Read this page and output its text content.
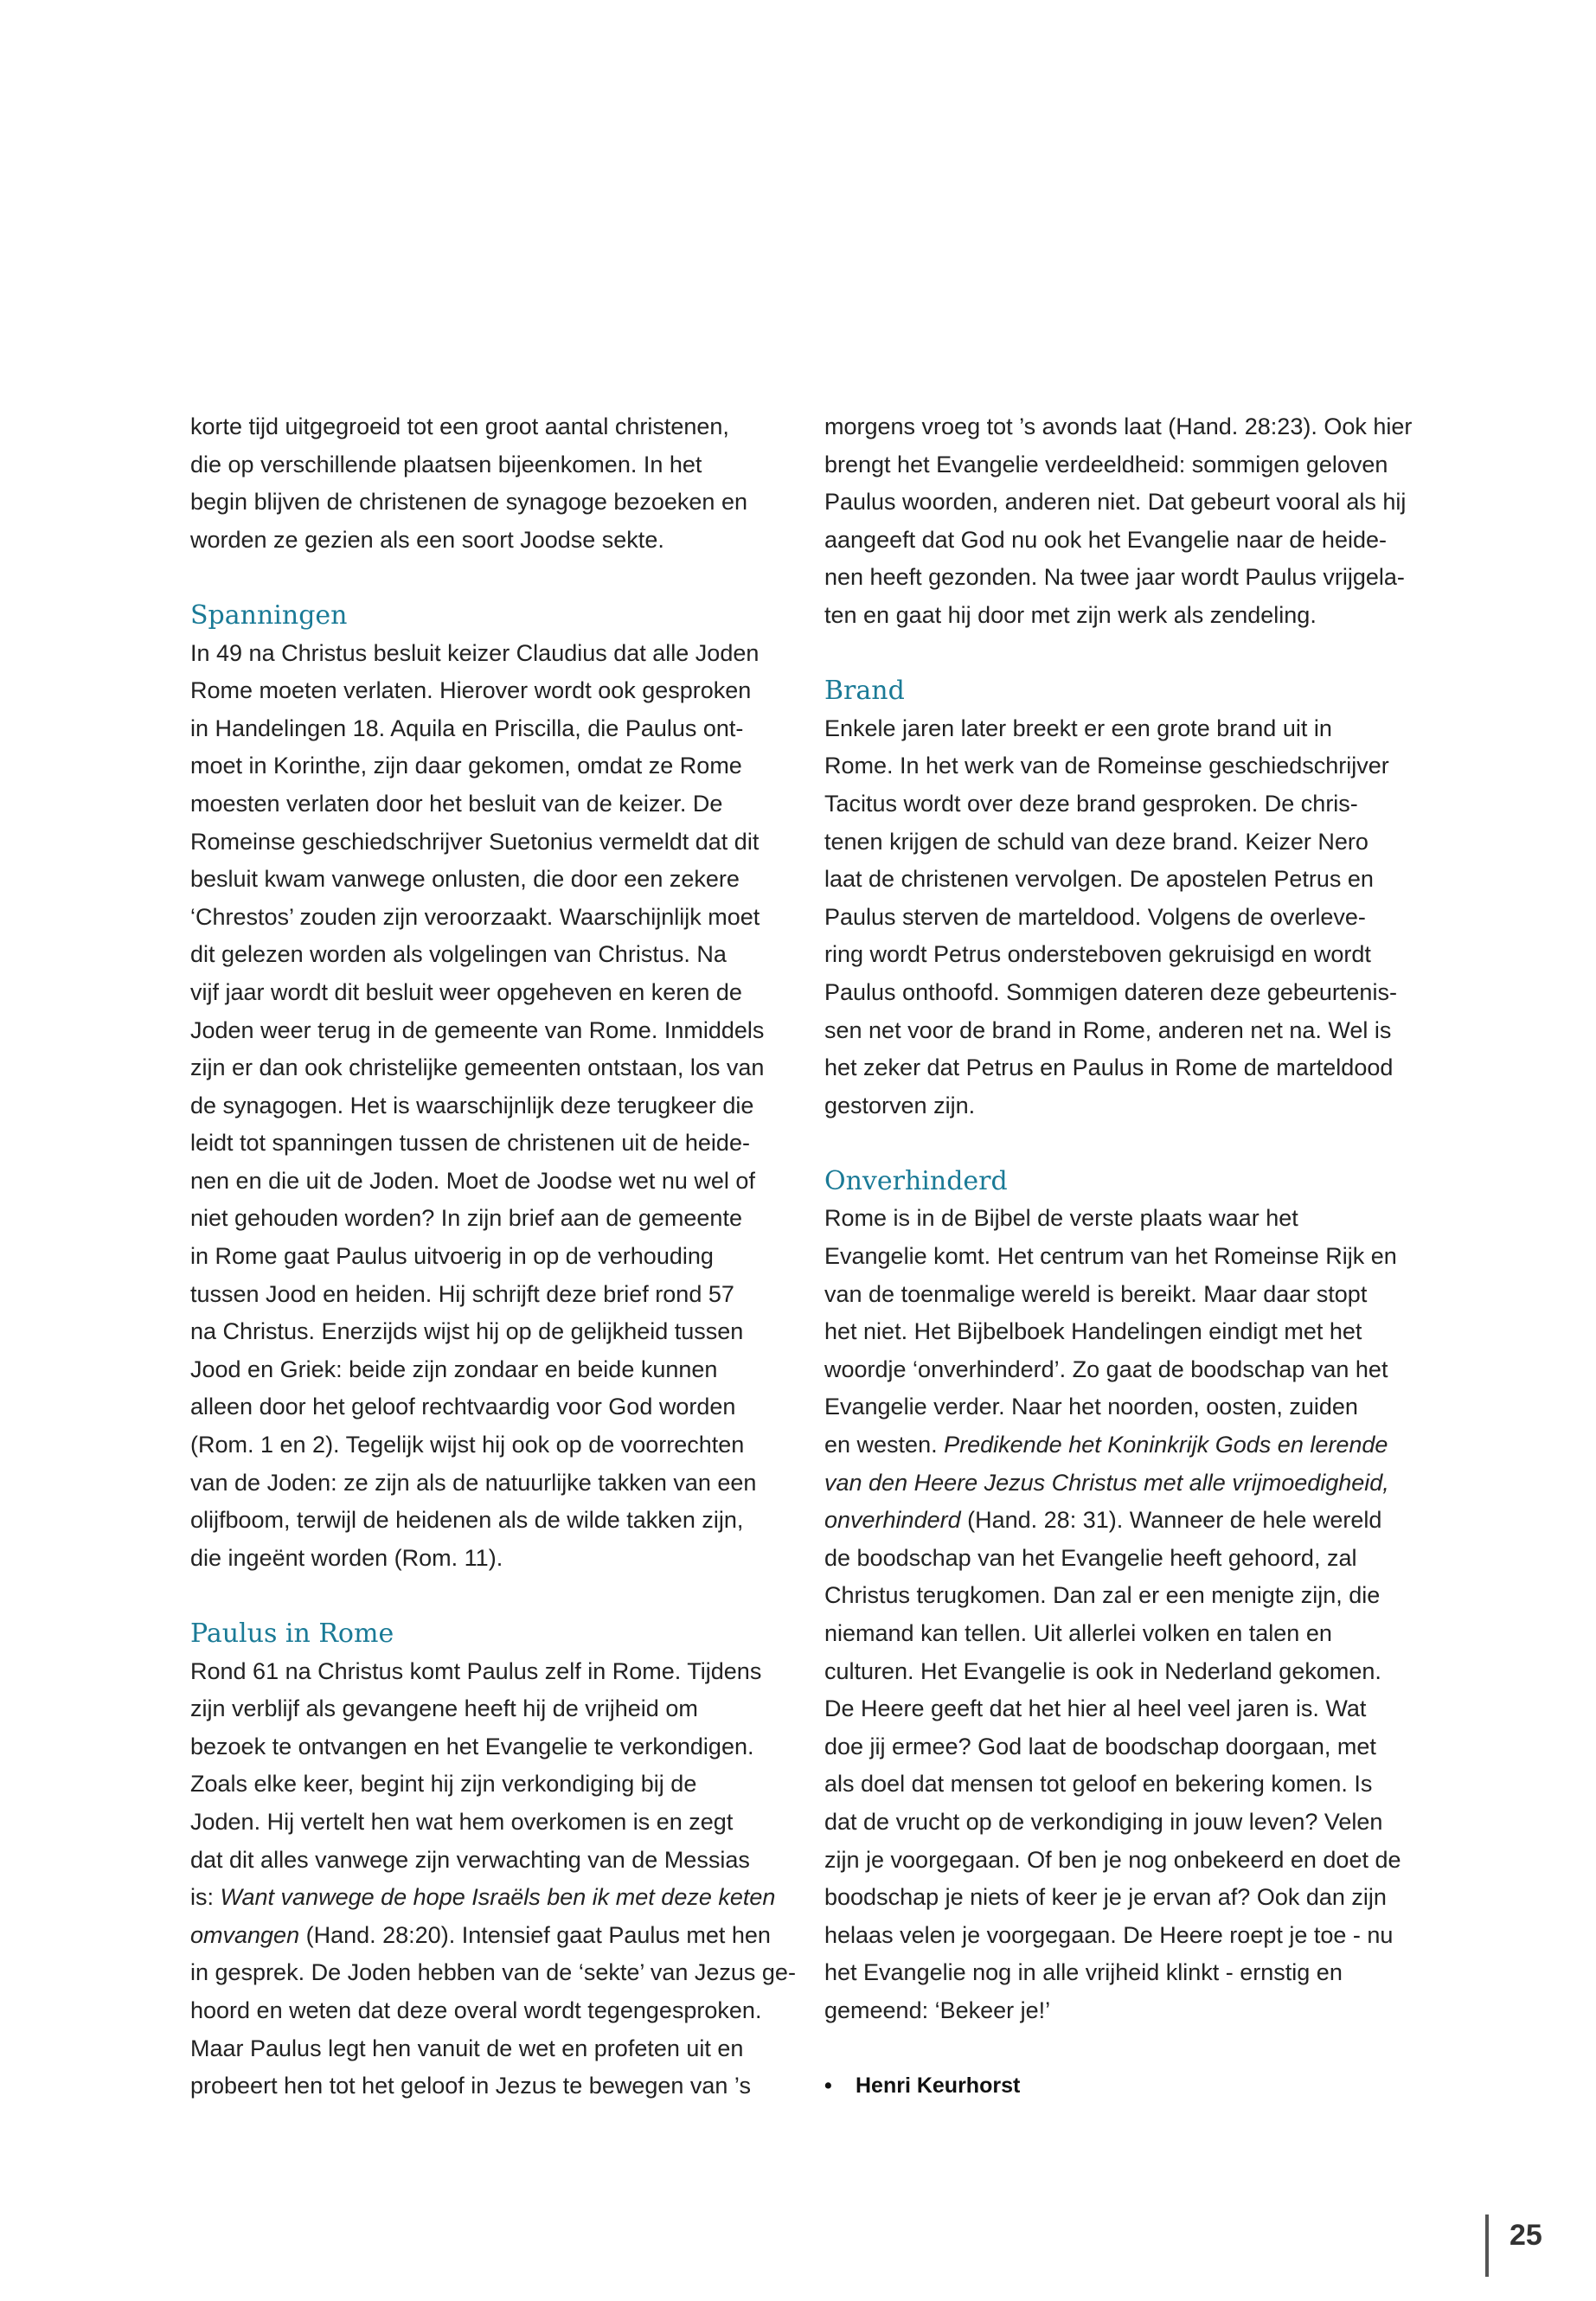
korte tijd uitgegroeid tot een groot aantal christenen,
die op verschillende plaatsen bijeenkomen. In het
begin blijven de christenen de synagoge bezoeken en
worden ze gezien als een soort Joodse sekte.

Spanningen

In 49 na Christus besluit keizer Claudius dat alle Joden
Rome moeten verlaten. Hierover wordt ook gesproken
in Handelingen 18. Aquila en Priscilla, die Paulus ont-
moet in Korinthe, zijn daar gekomen, omdat ze Rome
moesten verlaten door het besluit van de keizer. De
Romeinse geschiedschrijver Suetonius vermeldt dat dit
besluit kwam vanwege onlusten, die door een zekere
‘Chrestos’ zouden zijn veroorzaakt. Waarschijnlijk moet
dit gelezen worden als volgelingen van Christus. Na
vijf jaar wordt dit besluit weer opgeheven en keren de
Joden weer terug in de gemeente van Rome. Inmiddels
zijn er dan ook christelijke gemeenten ontstaan, los van
de synagogen. Het is waarschijnlijk deze terugkeer die
leidt tot spanningen tussen de christenen uit de heide-
nen en die uit de Joden. Moet de Joodse wet nu wel of
niet gehouden worden? In zijn brief aan de gemeente
in Rome gaat Paulus uitvoerig in op de verhouding
tussen Jood en heiden. Hij schrijft deze brief rond 57
na Christus. Enerzijds wijst hij op de gelijkheid tussen
Jood en Griek: beide zijn zondaar en beide kunnen
alleen door het geloof rechtvaardig voor God worden
(Rom. 1 en 2). Tegelijk wijst hij ook op de voorrechten
van de Joden: ze zijn als de natuurlijke takken van een
olijfboom, terwijl de heidenen als de wilde takken zijn,
die ingeënt worden (Rom. 11).

Paulus in Rome

Rond 61 na Christus komt Paulus zelf in Rome. Tijdens
zijn verblijf als gevangene heeft hij de vrijheid om
bezoek te ontvangen en het Evangelie te verkondigen.
Zoals elke keer, begint hij zijn verkondiging bij de
Joden. Hij vertelt hen wat hem overkomen is en zegt
dat dit alles vanwege zijn verwachting van de Messias
is: Want vanwege de hope Israëls ben ik met deze keten
omvangen (Hand. 28:20). Intensief gaat Paulus met hen
in gesprek. De Joden hebben van de ‘sekte’ van Jezus ge-
hoord en weten dat deze overal wordt tegengesproken.
Maar Paulus legt hen vanuit de wet en profeten uit en
probeert hen tot het geloof in Jezus te bewegen van ’s

morgens vroeg tot ’s avonds laat (Hand. 28:23). Ook hier
brengt het Evangelie verdeeldheid: sommigen geloven
Paulus woorden, anderen niet. Dat gebeurt vooral als hij
aangeeft dat God nu ook het Evangelie naar de heide-
nen heeft gezonden. Na twee jaar wordt Paulus vrijgela-
ten en gaat hij door met zijn werk als zendeling.

Brand

Enkele jaren later breekt er een grote brand uit in
Rome. In het werk van de Romeinse geschiedschrijver
Tacitus wordt over deze brand gesproken. De chris-
tenen krijgen de schuld van deze brand. Keizer Nero
laat de christenen vervolgen. De apostelen Petrus en
Paulus sterven de marteldood. Volgens de overleve-
ring wordt Petrus ondersteboven gekruisigd en wordt
Paulus onthoofd. Sommigen dateren deze gebeurtenis-
sen net voor de brand in Rome, anderen net na. Wel is
het zeker dat Petrus en Paulus in Rome de marteldood
gestorven zijn.

Onverhinderd

Rome is in de Bijbel de verste plaats waar het
Evangelie komt. Het centrum van het Romeinse Rijk en
van de toenmalige wereld is bereikt. Maar daar stopt
het niet. Het Bijbelboek Handelingen eindigt met het
woordje ‘onverhinderd’. Zo gaat de boodschap van het
Evangelie verder. Naar het noorden, oosten, zuiden
en westen. Predikende het Koninkrijk Gods en lerende
van den Heere Jezus Christus met alle vrijmoedigheid,
onverhinderd (Hand. 28: 31). Wanneer de hele wereld
de boodschap van het Evangelie heeft gehoord, zal
Christus terugkomen. Dan zal er een menigte zijn, die
niemand kan tellen. Uit allerlei volken en talen en
culturen. Het Evangelie is ook in Nederland gekomen.
De Heere geeft dat het hier al heel veel jaren is. Wat
doe jij ermee? God laat de boodschap doorgaan, met
als doel dat mensen tot geloof en bekering komen. Is
dat de vrucht op de verkondiging in jouw leven? Velen
zijn je voorgegaan. Of ben je nog onbekeerd en doet de
boodschap je niets of keer je je ervan af? Ook dan zijn
helaas velen je voorgegaan. De Heere roept je toe - nu
het Evangelie nog in alle vrijheid klinkt - ernstig en
gemeend: ‘Bekeer je!’

• Henri Keurhorst
25
